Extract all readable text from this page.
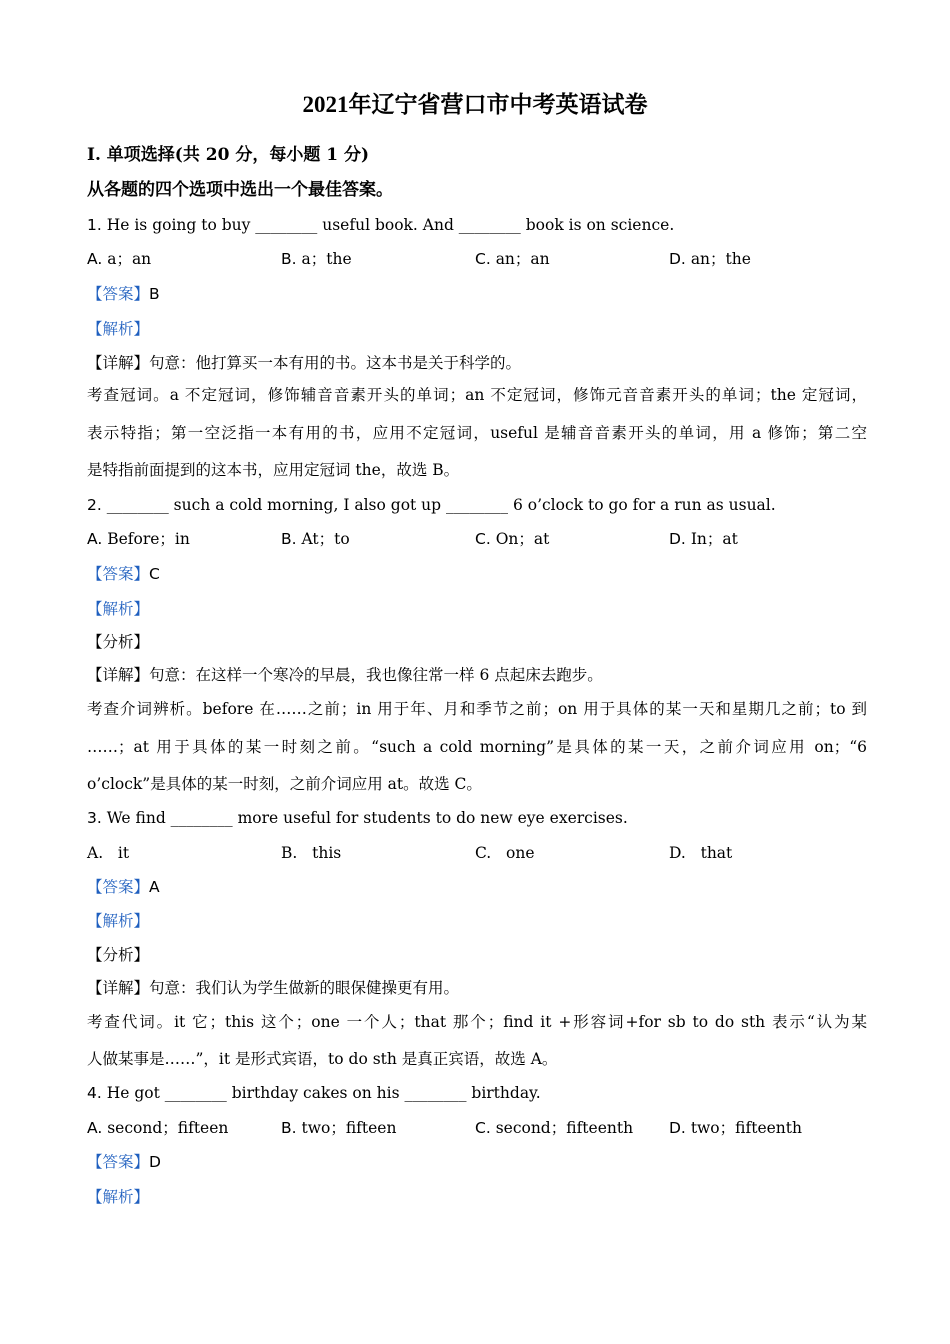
2021年辽宁省营口市中考英语试卷
Ⅰ. 单项选择(共 20 分，每小题 1 分)
从各题的四个选项中选出一个最佳答案。
1. He is going to buy ________ useful book. And ________ book is on science.
A. a；an	B. a；the	C. an；an	D. an；the
【答案】B
【解析】
【详解】句意：他打算买一本有用的书。这本书是关于科学的。
考查冠词。a 不定冠词，修饰辅音音素开头的单词；an 不定冠词，修饰元音音素开头的单词；the 定冠词，
表示特指；第一空泛指一本有用的书，应用不定冠词，useful 是辅音音素开头的单词，用 a 修饰；第二空
是特指前面提到的这本书，应用定冠词 the，故选 B。
2. ________ such a cold morning, I also got up ________ 6 o’clock to go for a run as usual.
A. Before；in	B. At；to	C. On；at	D. In；at
【答案】C
【解析】
【分析】
【详解】句意：在这样一个寒冷的早晨，我也像往常一样 6 点起床去跑步。
考查介词辨析。before 在……之前；in 用于年、月和季节之前；on 用于具体的某一天和星期几之前；to 到
……；at 用于具体的某一时刻之前。“such a cold morning”是具体的某一天，之前介词应用 on；“6
o’clock”是具体的某一时刻，之前介词应用 at。故选 C。
3. We find ________ more useful for students to do new eye exercises.
A. it	B. this	C. one	D. that
【答案】A
【解析】
【分析】
【详解】句意：我们认为学生做新的眼保健操更有用。
考查代词。it 它；this 这个；one 一个人；that 那个；find it +形容词+for sb to do sth 表示“认为某
人做某事是……”，it 是形式宾语，to do sth 是真正宾语，故选 A。
4. He got ________ birthday cakes on his ________ birthday.
A. second；fifteen	B. two；fifteen	C. second；fifteenth D. two；fifteenth
【答案】D
【解析】
